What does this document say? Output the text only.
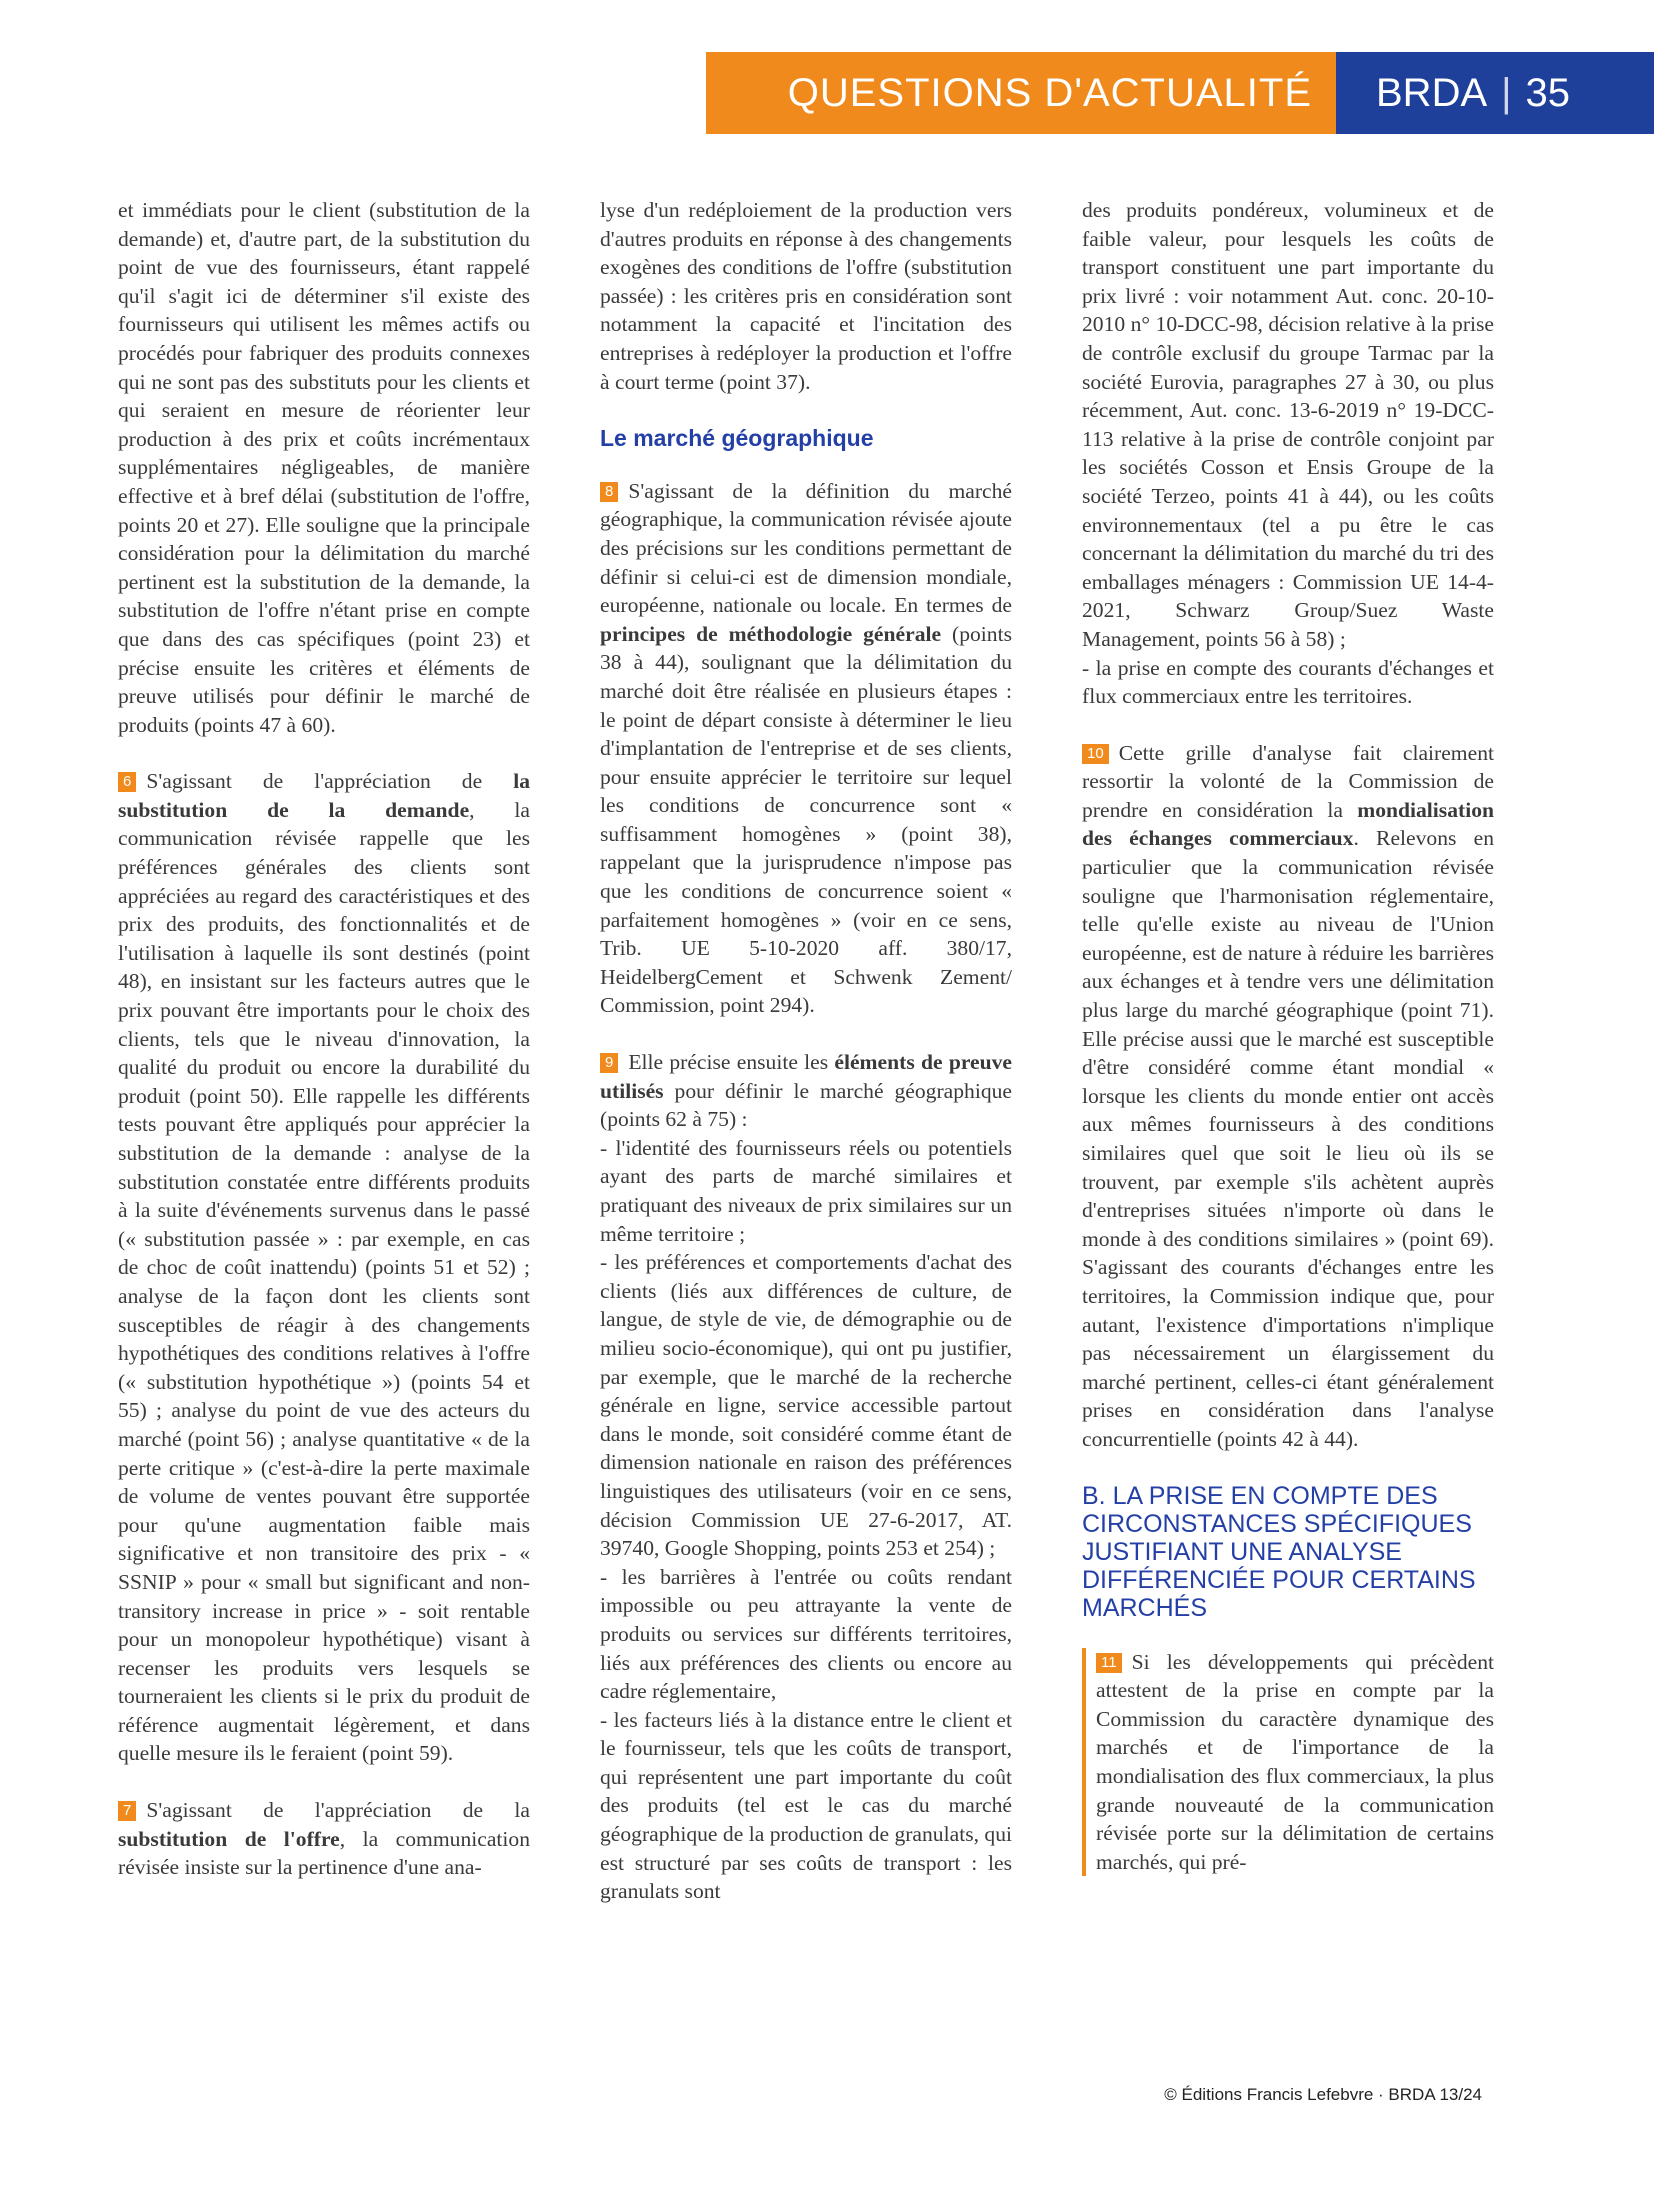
QUESTIONS D'ACTUALITÉ BRDA | 35

et immédiats pour le client (substitution de la demande) et, d'autre part, de la substitution du point de vue des fournisseurs, étant rappelé qu'il s'agit ici de déterminer s'il existe des fournisseurs qui utilisent les mêmes actifs ou procédés pour fabriquer des produits connexes qui ne sont pas des substituts pour les clients et qui seraient en mesure de réorienter leur production à des prix et coûts incrémentaux supplémentaires négligeables, de manière effective et à bref délai (substitution de l'offre, points 20 et 27). Elle souligne que la principale considération pour la délimitation du marché pertinent est la substitution de la demande, la substitution de l'offre n'étant prise en compte que dans des cas spécifiques (point 23) et précise ensuite les critères et éléments de preuve utilisés pour définir le marché de produits (points 47 à 60).

6 S'agissant de l'appréciation de la substitution de la demande, la communication révisée rappelle que les préférences générales des clients sont appréciées au regard des caractéristiques et des prix des produits, des fonctionnalités et de l'utilisation à laquelle ils sont destinés (point 48), en insistant sur les facteurs autres que le prix pouvant être importants pour le choix des clients, tels que le niveau d'innovation, la qualité du produit ou encore la durabilité du produit (point 50). Elle rappelle les différents tests pouvant être appliqués pour apprécier la substitution de la demande : analyse de la substitution constatée entre différents produits à la suite d'événements survenus dans le passé (« substitution passée » : par exemple, en cas de choc de coût inattendu) (points 51 et 52) ; analyse de la façon dont les clients sont susceptibles de réagir à des changements hypothétiques des conditions relatives à l'offre (« substitution hypothétique ») (points 54 et 55) ; analyse du point de vue des acteurs du marché (point 56) ; analyse quantitative « de la perte critique » (c'est-à-dire la perte maximale de volume de ventes pouvant être supportée pour qu'une augmentation faible mais significative et non transitoire des prix - « SSNIP » pour « small but significant and non-transitory increase in price » - soit rentable pour un monopoleur hypothétique) visant à recenser les produits vers lesquels se tourneraient les clients si le prix du produit de référence augmentait légèrement, et dans quelle mesure ils le feraient (point 59).

7 S'agissant de l'appréciation de la substitution de l'offre, la communication révisée insiste sur la pertinence d'une ana-

lyse d'un redéploiement de la production vers d'autres produits en réponse à des changements exogènes des conditions de l'offre (substitution passée) : les critères pris en considération sont notamment la capacité et l'incitation des entreprises à redéployer la production et l'offre à court terme (point 37).

Le marché géographique

8 S'agissant de la définition du marché géographique, la communication révisée ajoute des précisions sur les conditions permettant de définir si celui-ci est de dimension mondiale, européenne, nationale ou locale. En termes de principes de méthodologie générale (points 38 à 44), soulignant que la délimitation du marché doit être réalisée en plusieurs étapes : le point de départ consiste à déterminer le lieu d'implantation de l'entreprise et de ses clients, pour ensuite apprécier le territoire sur lequel les conditions de concurrence sont « suffisamment homogènes » (point 38), rappelant que la jurisprudence n'impose pas que les conditions de concurrence soient « parfaitement homogènes » (voir en ce sens, Trib. UE 5-10-2020 aff. 380/17, HeidelbergCement et Schwenk Zement/ Commission, point 294).

9 Elle précise ensuite les éléments de preuve utilisés pour définir le marché géographique (points 62 à 75) :

- l'identité des fournisseurs réels ou potentiels ayant des parts de marché similaires et pratiquant des niveaux de prix similaires sur un même territoire ;

- les préférences et comportements d'achat des clients (liés aux différences de culture, de langue, de style de vie, de démographie ou de milieu socio-économique), qui ont pu justifier, par exemple, que le marché de la recherche générale en ligne, service accessible partout dans le monde, soit considéré comme étant de dimension nationale en raison des préférences linguistiques des utilisateurs (voir en ce sens, décision Commission UE 27-6-2017, AT. 39740, Google Shopping, points 253 et 254) ;

- les barrières à l'entrée ou coûts rendant impossible ou peu attrayante la vente de produits ou services sur différents territoires, liés aux préférences des clients ou encore au cadre réglementaire,

- les facteurs liés à la distance entre le client et le fournisseur, tels que les coûts de transport, qui représentent une part importante du coût des produits (tel est le cas du marché géographique de la production de granulats, qui est structuré par ses coûts de transport : les granulats sont

des produits pondéreux, volumineux et de faible valeur, pour lesquels les coûts de transport constituent une part importante du prix livré : voir notamment Aut. conc. 20-10-2010 n° 10-DCC-98, décision relative à la prise de contrôle exclusif du groupe Tarmac par la société Eurovia, paragraphes 27 à 30, ou plus récemment, Aut. conc. 13-6-2019 n° 19-DCC-113 relative à la prise de contrôle conjoint par les sociétés Cosson et Ensis Groupe de la société Terzeo, points 41 à 44), ou les coûts environnementaux (tel a pu être le cas concernant la délimitation du marché du tri des emballages ménagers : Commission UE 14-4-2021, Schwarz Group/Suez Waste Management, points 56 à 58) ;

- la prise en compte des courants d'échanges et flux commerciaux entre les territoires.

10 Cette grille d'analyse fait clairement ressortir la volonté de la Commission de prendre en considération la mondialisation des échanges commerciaux. Relevons en particulier que la communication révisée souligne que l'harmonisation réglementaire, telle qu'elle existe au niveau de l'Union européenne, est de nature à réduire les barrières aux échanges et à tendre vers une délimitation plus large du marché géographique (point 71). Elle précise aussi que le marché est susceptible d'être considéré comme étant mondial « lorsque les clients du monde entier ont accès aux mêmes fournisseurs à des conditions similaires quel que soit le lieu où ils se trouvent, par exemple s'ils achètent auprès d'entreprises situées n'importe où dans le monde à des conditions similaires » (point 69). S'agissant des courants d'échanges entre les territoires, la Commission indique que, pour autant, l'existence d'importations n'implique pas nécessairement un élargissement du marché pertinent, celles-ci étant généralement prises en considération dans l'analyse concurrentielle (points 42 à 44).

B. LA PRISE EN COMPTE DES CIRCONSTANCES SPÉCIFIQUES JUSTIFIANT UNE ANALYSE DIFFÉRENCIÉE POUR CERTAINS MARCHÉS

11 Si les développements qui précèdent attestent de la prise en compte par la Commission du caractère dynamique des marchés et de l'importance de la mondialisation des flux commerciaux, la plus grande nouveauté de la communication révisée porte sur la délimitation de certains marchés, qui pré-

© Éditions Francis Lefebvre · BRDA 13/24
